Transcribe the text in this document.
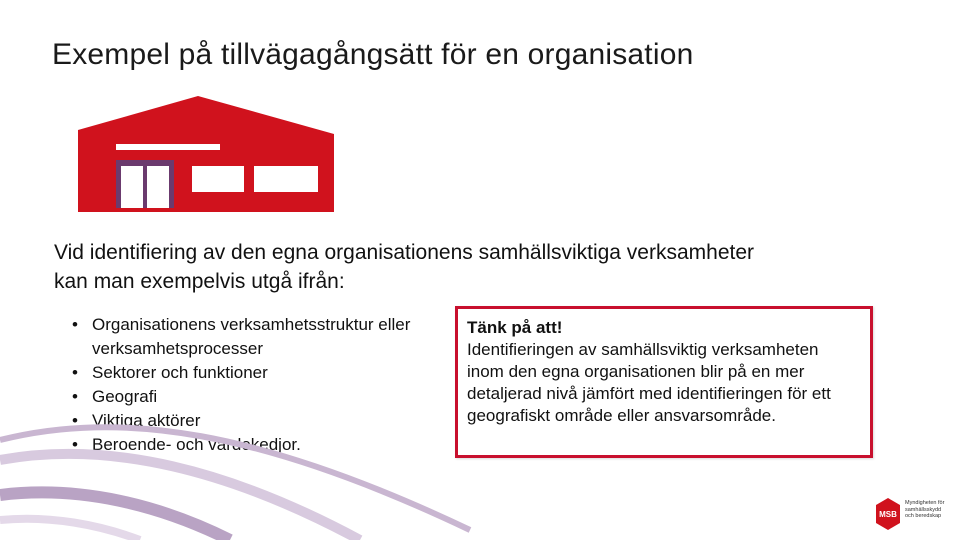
Exempel på tillvägagångsätt för en organisation
Vid identifiering av den egna organisationens samhällsviktiga verksamheter
kan man exempelvis utgå ifrån:
• Organisationens verksamhetsstruktur eller verksamhetsprocesser
• Sektorer och funktioner
• Geografi
• Viktiga aktörer
• Beroende- och värdekedjor.
Tänk på att!
Identifieringen av samhällsviktig verksamheten inom den egna organisationen blir på en mer detaljerad nivå jämfört med identifieringen för ett geografiskt område eller ansvarsområde.
MSB
Myndigheten för
samhällsskydd
och beredskap
